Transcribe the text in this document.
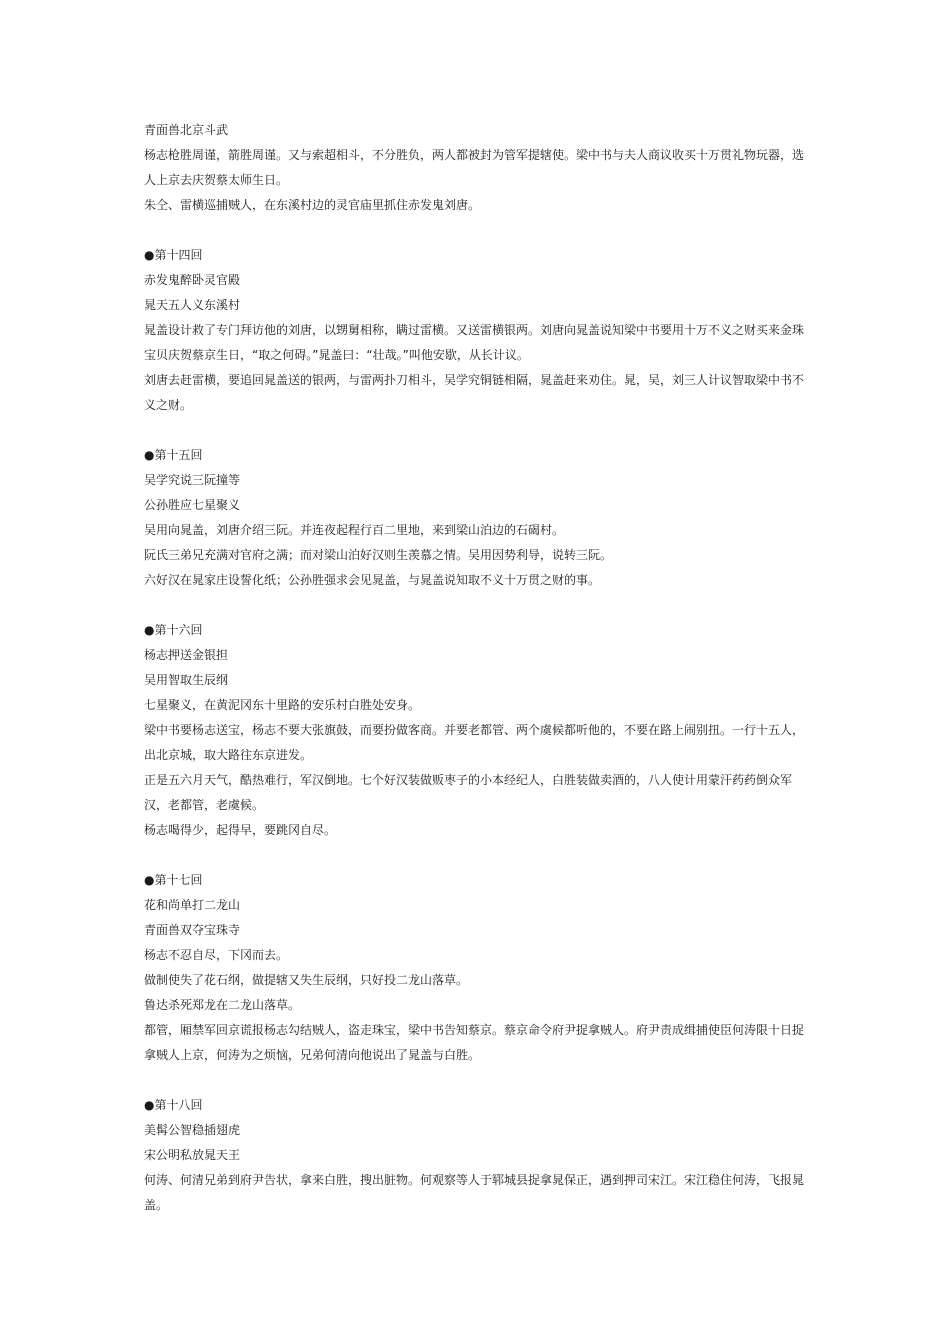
青面兽北京斗武

杨志枪胜周谨，箭胜周谨。又与索超相斗，不分胜负，两人都被封为管军提辖使。梁中书与夫人商议收买十万贯礼物玩器，选人上京去庆贺蔡太师生日。

朱仝、雷横巡捕贼人，在东溪村边的灵官庙里抓住赤发鬼刘唐。

●第十四回

赤发鬼醉卧灵官殿

晁天五人义东溪村

晁盖设计救了专门拜访他的刘唐，以甥舅相称，瞒过雷横。又送雷横银两。刘唐向晁盖说知梁中书要用十万不义之财买来金珠宝贝庆贺蔡京生日，“取之何碍。”晁盖曰：“壮哉。”叫他安歇，从长计议。

刘唐去赶雷横，要追回晁盖送的银两，与雷两扑刀相斗，吴学究铜链相隔，晁盖赶来劝住。晁，吴，刘三人计议智取梁中书不义之财。

●第十五回

吴学究说三阮撞等

公孙胜应七星聚义

吴用向晁盖，刘唐介绍三阮。并连夜起程行百二里地，来到梁山泊边的石碣村。

阮氏三弟兄充满对官府之满；而对梁山泊好汉则生羡慕之情。吴用因势利导，说转三阮。

六好汉在晁家庄设誓化纸；公孙胜强求会见晁盖，与晁盖说知取不义十万贯之财的事。

●第十六回

杨志押送金银担

吴用智取生辰纲

七星聚义，在黄泥冈东十里路的安乐村白胜处安身。

梁中书要杨志送宝，杨志不要大张旗鼓，而要扮做客商。并要老都管、两个虞候都听他的，不要在路上闹别扭。一行十五人，出北京城，取大路往东京进发。

正是五六月天气，酷热难行，军汉倒地。七个好汉装做贩枣子的小本经纪人，白胜装做卖酒的，八人使计用蒙汗药药倒众军汉，老都管，老虞候。

杨志喝得少，起得早，要跳冈自尽。

●第十七回

花和尚单打二龙山

青面兽双夺宝珠寺

杨志不忍自尽，下冈而去。

做制使失了花石纲，做提辖又失生辰纲，只好投二龙山落草。

鲁达杀死郑龙在二龙山落草。

都管，厢禁军回京谎报杨志勾结贼人，盗走珠宝，梁中书告知蔡京。蔡京命令府尹捉拿贼人。府尹责成缉捕使臣何涛限十日捉拿贼人上京，何涛为之烦恼，兄弟何清向他说出了晁盖与白胜。

●第十八回

美髯公智稳插翅虎

宋公明私放晁天王

何涛、何清兄弟到府尹告状，拿来白胜，搜出脏物。何观察等人于郓城县捉拿晁保正，遇到押司宋江。宋江稳住何涛，飞报晁盖。
